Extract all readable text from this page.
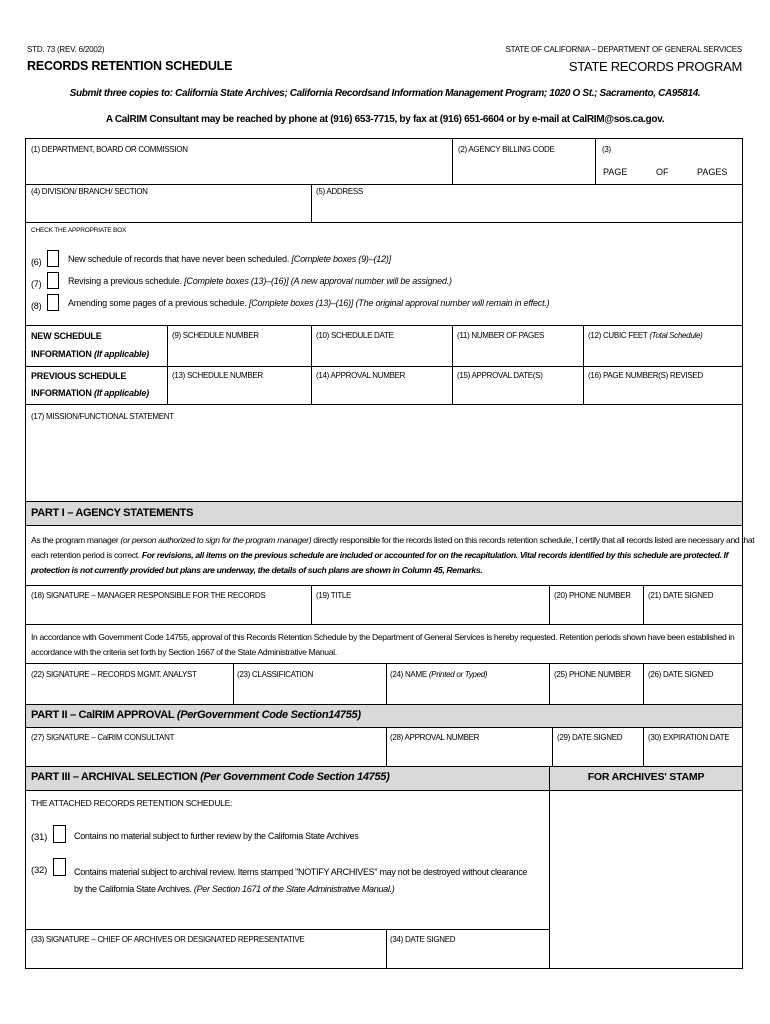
STD. 73 (REV. 6/2002)	STATE OF CALIFORNIA – DEPARTMENT OF GENERAL SERVICES
RECORDS RETENTION SCHEDULE	STATE RECORDS PROGRAM
Submit three copies to: California State Archives; California Recordsand Information Management Program; 1020 O St.; Sacramento, CA95814.
A CalRIM Consultant may be reached by phone at (916) 653-7715, by fax at (916) 651-6604 or by e-mail at CalRIM@sos.ca.gov.
(1) DEPARTMENT, BOARD OR COMMISSION	(2) AGENCY BILLING CODE	(3)
PAGE	OF	PAGES
(4) DIVISION/ BRANCH/ SECTION	(5) ADDRESS
CHECK THE APPROPRIATE BOX
(6)	New schedule of records that have never been scheduled. [Complete boxes (9)–(12)]
(7)	Revising a previous schedule. [Complete boxes (13)–(16)] (A new approval number will be assigned.)
(8)	Amending some pages of a previous schedule. [Complete boxes (13)–(16)] (The original approval number will remain in effect.)
NEW SCHEDULE
INFORMATION (If applicable)
(9) SCHEDULE NUMBER	(10) SCHEDULE DATE	(11) NUMBER OF PAGES	(12) CUBIC FEET (Total Schedule)
PREVIOUS SCHEDULE
INFORMATION (If applicable)
(13) SCHEDULE NUMBER	(14) APPROVAL NUMBER	(15) APPROVAL DATE(S)	(16) PAGE NUMBER(S) REVISED
(17) MISSION/FUNCTIONAL STATEMENT
PART I – AGENCY STATEMENTS
As the program manager (or person authorized to sign for the program manager) directly responsible for the records listed on this records retention schedule, I certify that all records listed are necessary and that
each retention period is correct. For revisions, all items on the previous schedule are included or accounted for on the recapitulation. Vital records identified by this schedule are protected. If
protection is not currently provided but plans are underway, the details of such plans are shown in Column 45, Remarks.
(18) SIGNATURE – MANAGER RESPONSIBLE FOR THE RECORDS	(19) TITLE	(20) PHONE NUMBER (21) DATE SIGNED
In accordance with Government Code 14755, approval of this Records Retention Schedule by the Department of General Services is hereby requested. Retention periods shown have been established in
accordance with the criteria set forth by Section 1667 of the State Administrative Manual.
(22) SIGNATURE – RECORDS MGMT. ANALYST	(23) CLASSIFICATION	(24) NAME (Printed or Typed)	(25) PHONE NUMBER (26) DATE SIGNED
PART II – CalRIM APPROVAL (PerGovernment Code Section14755)
(27) SIGNATURE – CalRIM CONSULTANT	(28) APPROVAL NUMBER	(29) DATE SIGNED	(30) EXPIRATION DATE
PART III – ARCHIVAL SELECTION (Per Government Code Section 14755)	FOR ARCHIVES' STAMP
THE ATTACHED RECORDS RETENTION SCHEDULE:
(31)	Contains no material subject to further review by the California State Archives
(32)	Contains material subject to archival review. Items stamped "NOTIFY ARCHIVES" may not be destroyed without clearance
by the California State Archives. (Per Section 1671 of the State Administrative Manual.)
(33) SIGNATURE – CHIEF OF ARCHIVES OR DESIGNATED REPRESENTATIVE	(34) DATE SIGNED
